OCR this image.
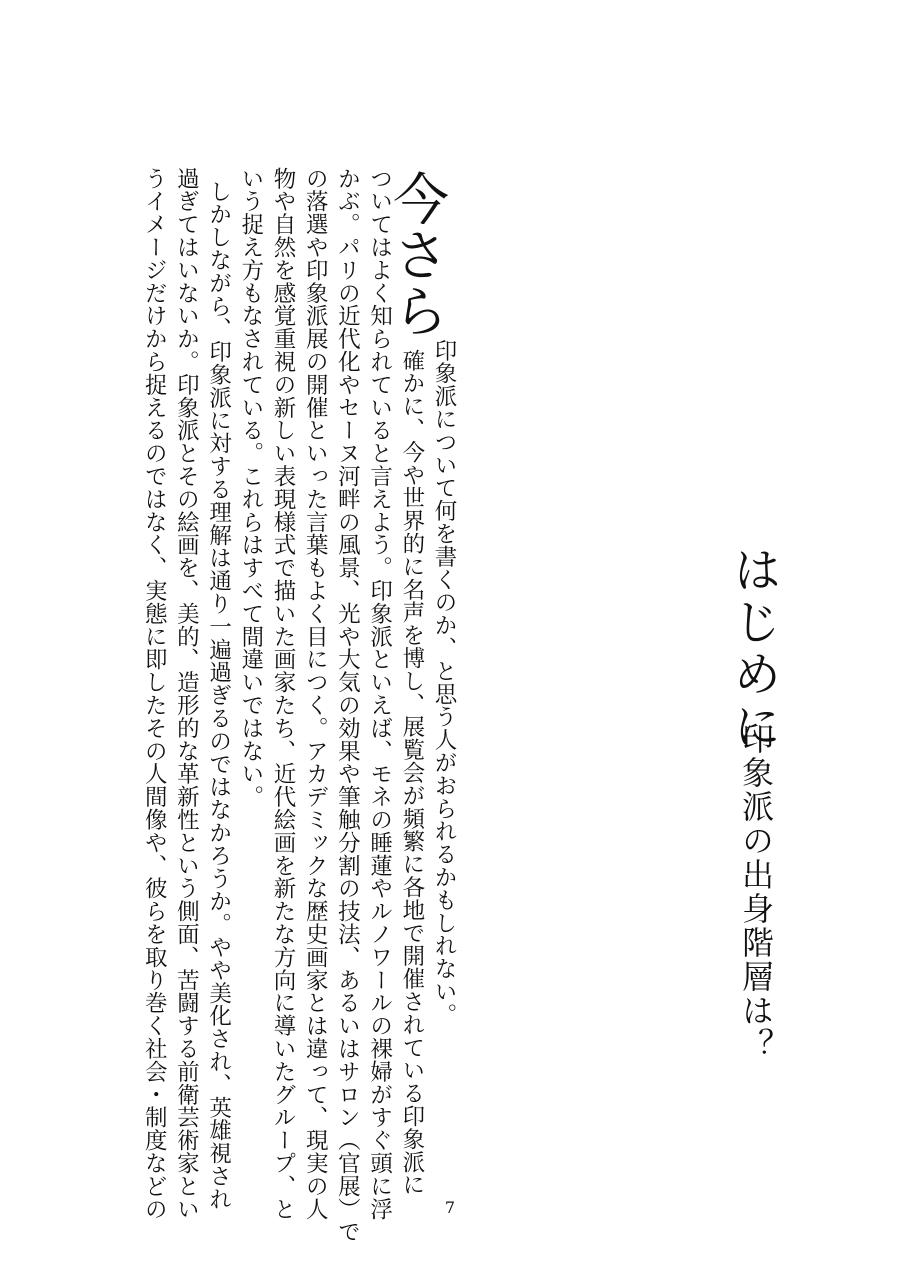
はじめに
印象派の出身階層は？
今さら
印象派について何を書くのか、と思う人がおられるかもしれない。
確かに、今や世界的に名声を博し、展覧会が頻繁に各地で開催されている印象派に
ついてはよく知られていると言えよう。印象派といえば、モネの睡蓮やルノワールの裸婦がすぐ頭に浮
かぶ。パリの近代化やセーヌ河畔の風景、光や大気の効果や筆触分割の技法、あるいはサロン（官展）で
の落選や印象派展の開催といった言葉もよく目につく。アカデミックな歴史画家とは違って、現実の人
物や自然を感覚重視の新しい表現様式で描いた画家たち、近代絵画を新たな方向に導いたグループ、と
いう捉え方もなされている。これらはすべて間違いではない。
しかしながら、印象派に対する理解は通り一遍過ぎるのではなかろうか。やや美化され、英雄視され
過ぎてはいないか。印象派とその絵画を、美的、造形的な革新性という側面、苦闘する前衛芸術家とい
うイメージだけから捉えるのではなく、実態に即したその人間像や、彼らを取り巻く社会・制度などの	7
